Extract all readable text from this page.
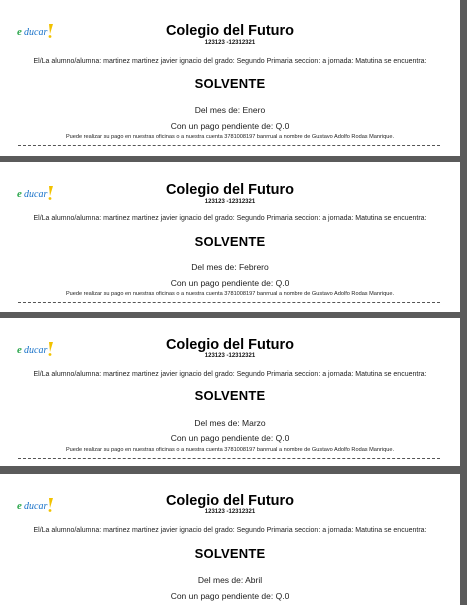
e ducar	Colegio del Futuro
123123 -12312321
El/La alumno/alumna: martinez martinez javier ignacio del grado: Segundo Primaria seccion: a jornada: Matutina se encuentra:
SOLVENTE
Del mes de: Enero
Con un pago pendiente de: Q.0
Puede realizar su pago en nuestras oficinas o a nuestra cuenta 3781008197 banrrual a nombre de Gustavo Adolfo Rodas Manrique.
e ducar	Colegio del Futuro
123123 -12312321
El/La alumno/alumna: martinez martinez javier ignacio del grado: Segundo Primaria seccion: a jornada: Matutina se encuentra:
SOLVENTE
Del mes de: Febrero
Con un pago pendiente de: Q.0
Puede realizar su pago en nuestras oficinas o a nuestra cuenta 3781008197 banrrual a nombre de Gustavo Adolfo Rodas Manrique.
e ducar	Colegio del Futuro
123123 -12312321
El/La alumno/alumna: martinez martinez javier ignacio del grado: Segundo Primaria seccion: a jornada: Matutina se encuentra:
SOLVENTE
Del mes de: Marzo
Con un pago pendiente de: Q.0
Puede realizar su pago en nuestras oficinas o a nuestra cuenta 3781008197 banrrual a nombre de Gustavo Adolfo Rodas Manrique.
e ducar	Colegio del Futuro
123123 -12312321
El/La alumno/alumna: martinez martinez javier ignacio del grado: Segundo Primaria seccion: a jornada: Matutina se encuentra:
SOLVENTE
Del mes de: Abril
Con un pago pendiente de: Q.0
